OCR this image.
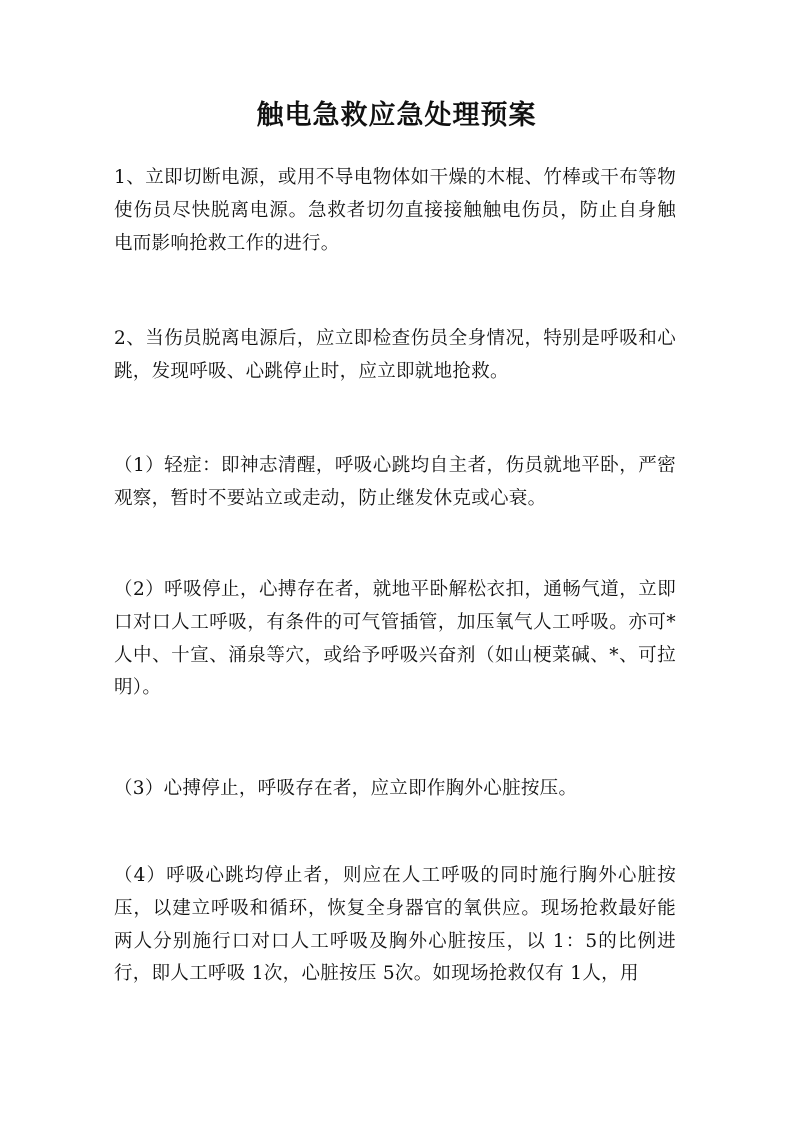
触电急救应急处理预案

1、立即切断电源，或用不导电物体如干燥的木棍、竹棒或干布等物使伤员尽快脱离电源。急救者切勿直接接触触电伤员，防止自身触电而影响抢救工作的进行。

2、当伤员脱离电源后，应立即检查伤员全身情况，特别是呼吸和心跳，发现呼吸、心跳停止时，应立即就地抢救。

（1）轻症：即神志清醒，呼吸心跳均自主者，伤员就地平卧，严密观察，暂时不要站立或走动，防止继发休克或心衰。

（2）呼吸停止，心搏存在者，就地平卧解松衣扣，通畅气道，立即口对口人工呼吸，有条件的可气管插管，加压氧气人工呼吸。亦可*人中、十宣、涌泉等穴，或给予呼吸兴奋剂（如山梗菜碱、*、可拉明）。

（3）心搏停止，呼吸存在者，应立即作胸外心脏按压。

（4）呼吸心跳均停止者，则应在人工呼吸的同时施行胸外心脏按压，以建立呼吸和循环，恢复全身器官的氧供应。现场抢救最好能两人分别施行口对口人工呼吸及胸外心脏按压，以 1：5的比例进行，即人工呼吸 1次，心脏按压 5次。如现场抢救仅有 1人，用
